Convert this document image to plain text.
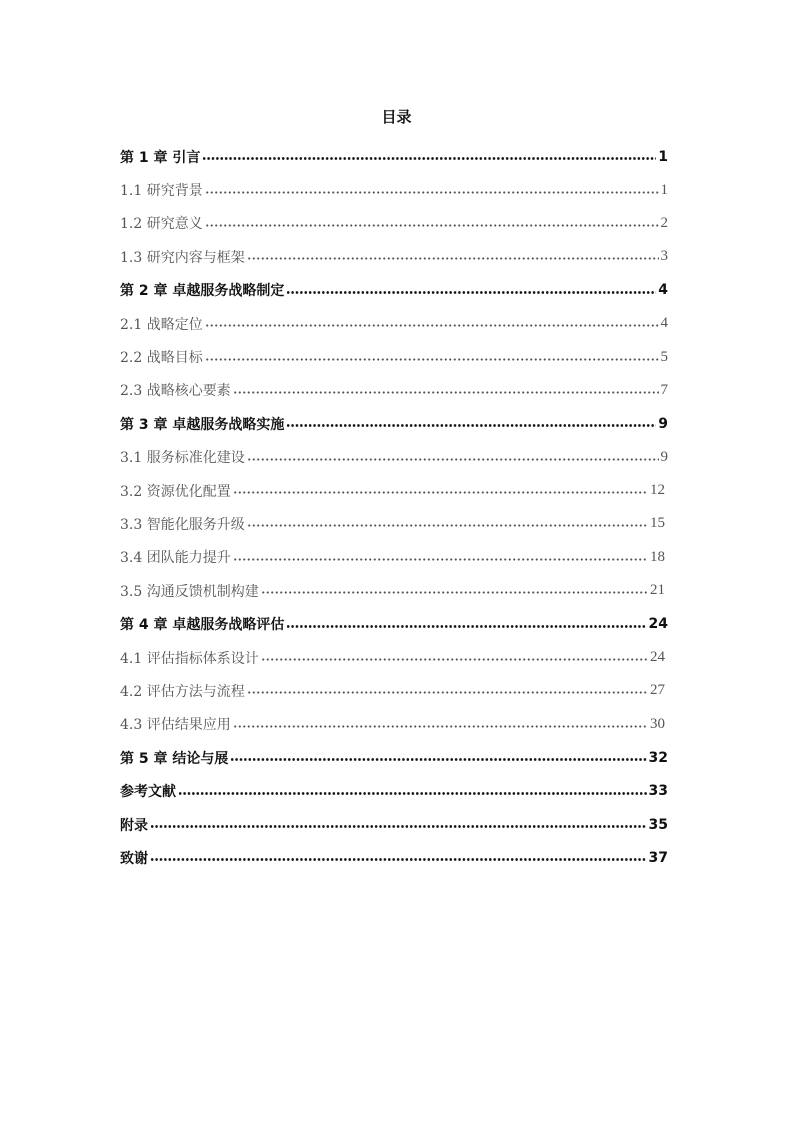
目录
第 1 章 引言	1
1.1 研究背景	1
1.2 研究意义	2
1.3 研究内容与框架	3
第 2 章 卓越服务战略制定	4
2.1 战略定位	4
2.2 战略目标	5
2.3 战略核心要素	7
第 3 章 卓越服务战略实施	9
3.1 服务标准化建设	9
3.2 资源优化配置	12
3.3 智能化服务升级	15
3.4 团队能力提升	18
3.5 沟通反馈机制构建	21
第 4 章 卓越服务战略评估	24
4.1 评估指标体系设计	24
4.2 评估方法与流程	27
4.3 评估结果应用	30
第 5 章 结论与展	32
参考文献	33
附录	35
致谢	37
